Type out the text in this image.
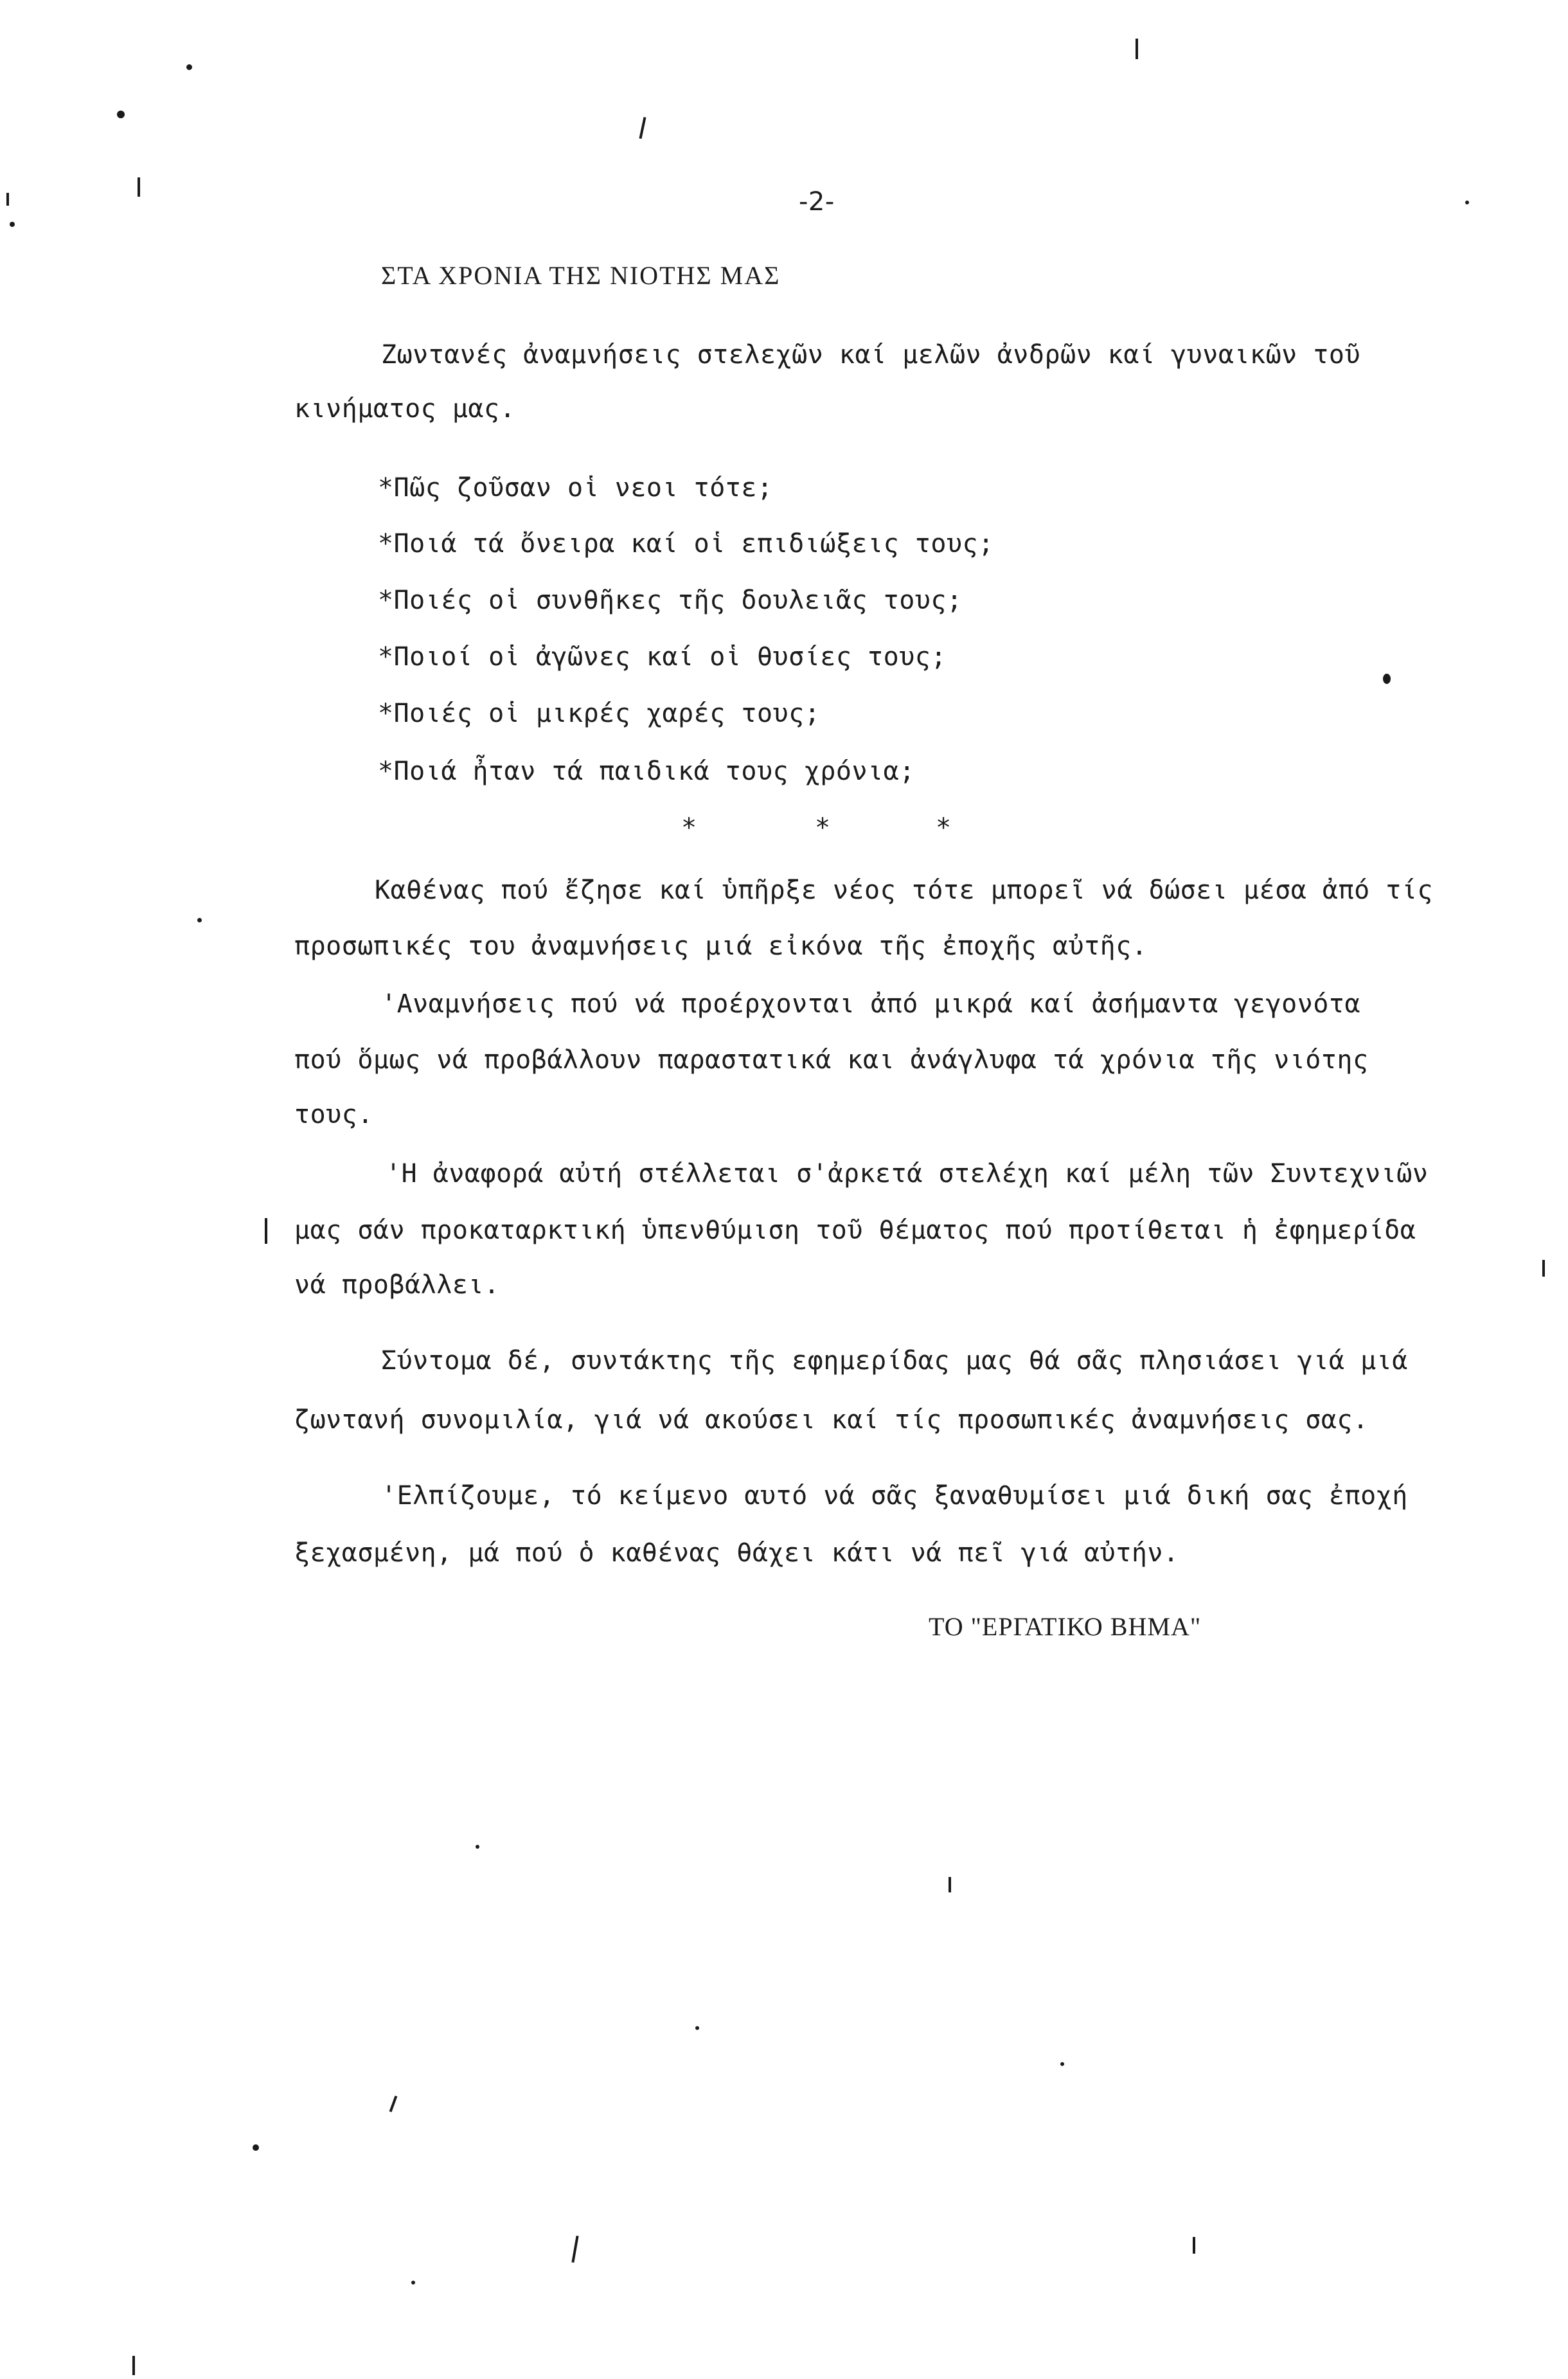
-2-
ΣΤΑ ΧΡΟΝΙΑ ΤΗΣ ΝΙΟΤΗΣ ΜΑΣ
Ζωντανές ἀναμνήσεις στελεχῶν καί μελῶν ἀνδρῶν καί γυναικῶν τοῦ
κινήματος μας.
*Πῶς ζοῦσαν οἱ νεοι τότε;
*Ποιά τά ὄνειρα καί οἱ επιδιώξεις τους;
*Ποιές οἱ συνθῆκες τῆς δουλειᾶς τους;
*Ποιοί οἱ ἀγῶνες καί οἱ θυσίες τους;
*Ποιές οἱ μικρές χαρές τους;
*Ποιά ἦταν τά παιδικά τους χρόνια;
*	*	*
Καθένας πού ἔζησε καί ὑπῆρξε νέος τότε μπορεῖ νά δώσει μέσα ἀπό τίς
προσωπικές του ἀναμνήσεις μιά εἰκόνα τῆς ἐποχῆς αὐτῆς.
'Αναμνήσεις πού νά προέρχονται ἀπό μικρά καί ἀσήμαντα γεγονότα
πού ὅμως νά προβάλλουν παραστατικά και ἀνάγλυφα τά χρόνια τῆς νιότης
τους.
'Η ἀναφορά αὐτή στέλλεται σ'ἀρκετά στελέχη καί μέλη τῶν Συντεχνιῶν
μας σάν προκαταρκτική ὑπενθύμιση τοῦ θέματος πού προτίθεται ἡ ἐφημερίδα
νά προβάλλει.
Σύντομα δέ, συντάκτης τῆς εφημερίδας μας θά σᾶς πλησιάσει γιά μιά
ζωντανή συνομιλία, γιά νά ακούσει καί τίς προσωπικές ἀναμνήσεις σας.
'Ελπίζουμε, τό κείμενο αυτό νά σᾶς ξαναθυμίσει μιά δική σας ἐποχή
ξεχασμένη, μά πού ὁ καθένας θάχει κάτι νά πεῖ γιά αὐτήν.
ΤΟ "ΕΡΓΑΤΙΚΟ ΒΗΜΑ"
